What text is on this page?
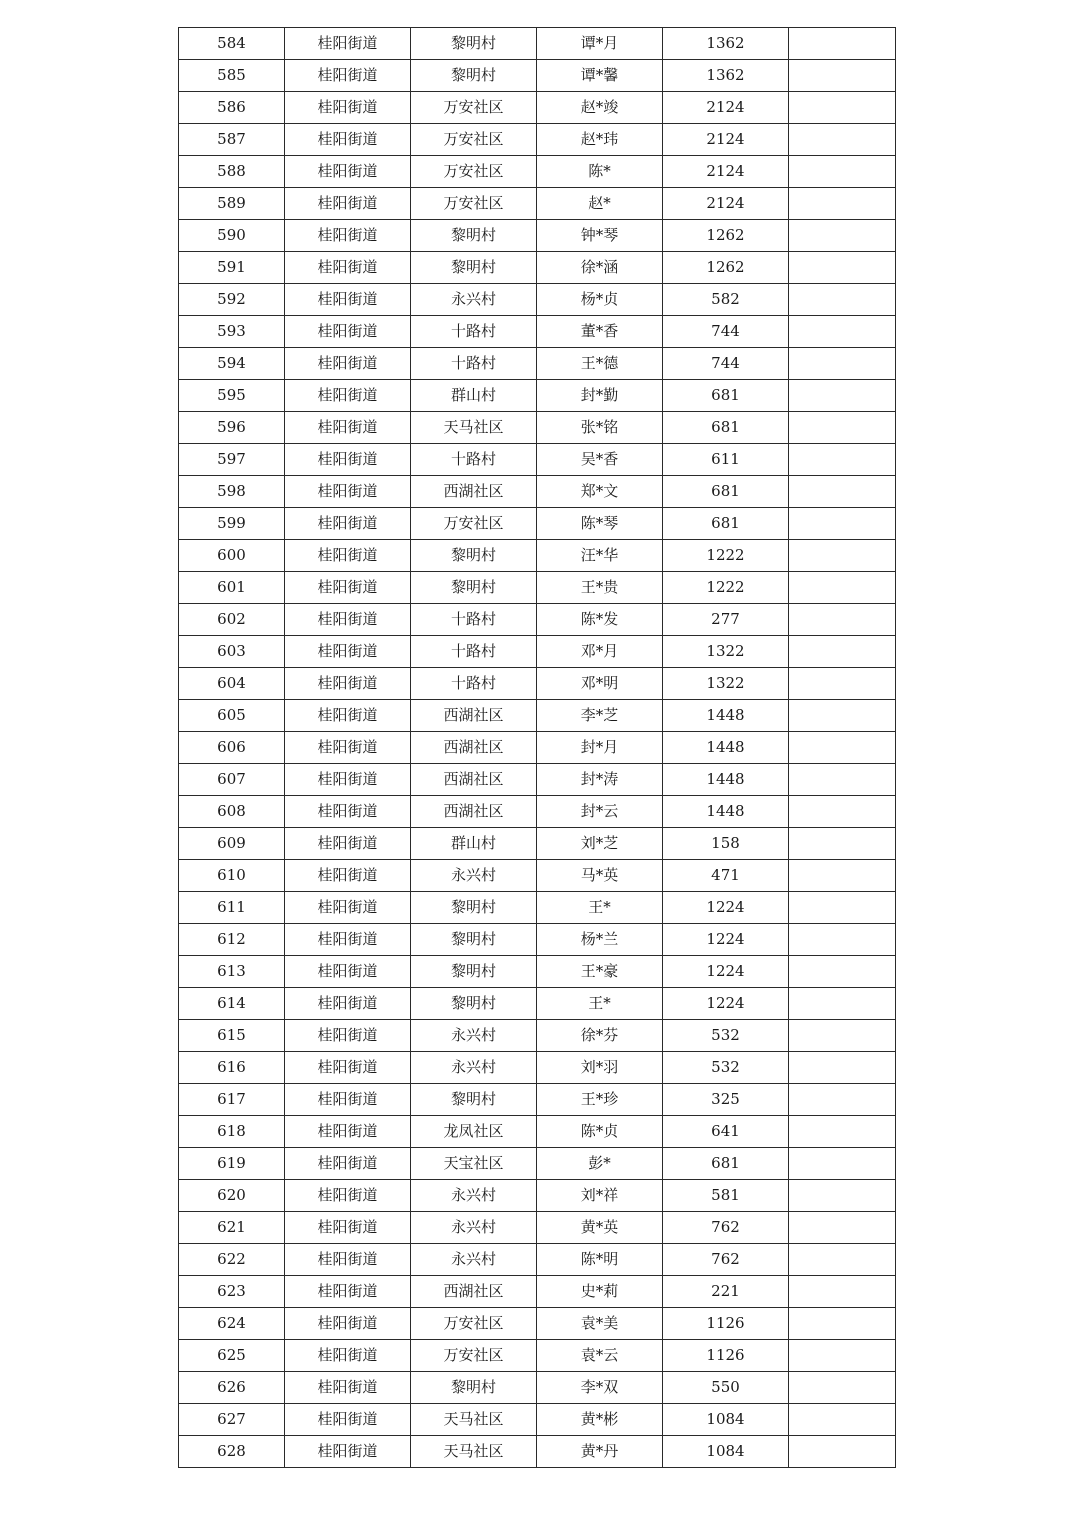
584	桂阳街道	黎明村	谭*月	1362	
585	桂阳街道	黎明村	谭*馨	1362	
586	桂阳街道	万安社区	赵*竣	2124	
587	桂阳街道	万安社区	赵*玮	2124	
588	桂阳街道	万安社区	陈*	2124	
589	桂阳街道	万安社区	赵*	2124	
590	桂阳街道	黎明村	钟*琴	1262	
591	桂阳街道	黎明村	徐*涵	1262	
592	桂阳街道	永兴村	杨*贞	582	
593	桂阳街道	十路村	董*香	744	
594	桂阳街道	十路村	王*德	744	
595	桂阳街道	群山村	封*勤	681	
596	桂阳街道	天马社区	张*铭	681	
597	桂阳街道	十路村	吴*香	611	
598	桂阳街道	西湖社区	郑*文	681	
599	桂阳街道	万安社区	陈*琴	681	
600	桂阳街道	黎明村	汪*华	1222	
601	桂阳街道	黎明村	王*贵	1222	
602	桂阳街道	十路村	陈*发	277	
603	桂阳街道	十路村	邓*月	1322	
604	桂阳街道	十路村	邓*明	1322	
605	桂阳街道	西湖社区	李*芝	1448	
606	桂阳街道	西湖社区	封*月	1448	
607	桂阳街道	西湖社区	封*涛	1448	
608	桂阳街道	西湖社区	封*云	1448	
609	桂阳街道	群山村	刘*芝	158	
610	桂阳街道	永兴村	马*英	471	
611	桂阳街道	黎明村	王*	1224	
612	桂阳街道	黎明村	杨*兰	1224	
613	桂阳街道	黎明村	王*豪	1224	
614	桂阳街道	黎明村	王*	1224	
615	桂阳街道	永兴村	徐*芬	532	
616	桂阳街道	永兴村	刘*羽	532	
617	桂阳街道	黎明村	王*珍	325	
618	桂阳街道	龙凤社区	陈*贞	641	
619	桂阳街道	天宝社区	彭*	681	
620	桂阳街道	永兴村	刘*祥	581	
621	桂阳街道	永兴村	黄*英	762	
622	桂阳街道	永兴村	陈*明	762	
623	桂阳街道	西湖社区	史*莉	221	
624	桂阳街道	万安社区	袁*美	1126	
625	桂阳街道	万安社区	袁*云	1126	
626	桂阳街道	黎明村	李*双	550	
627	桂阳街道	天马社区	黄*彬	1084	
628	桂阳街道	天马社区	黄*丹	1084	
